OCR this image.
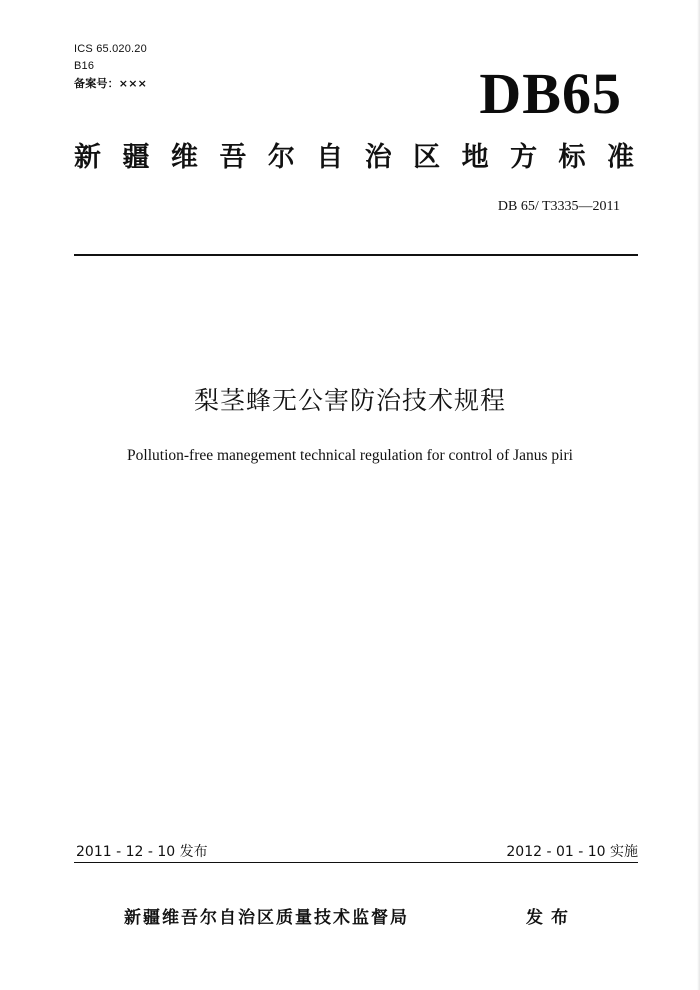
ICS 65.020.20
B16
备案号：×××	DB65
新 疆 维 吾 尔 自 治 区 地 方 标 准
DB 65/ T3335—2011
梨茎蜂无公害防治技术规程
Pollution-free manegement technical regulation for control of Janus piri
2011 - 12 - 10 发布	2012 - 01 - 10 实施
新疆维吾尔自治区质量技术监督局	发布
